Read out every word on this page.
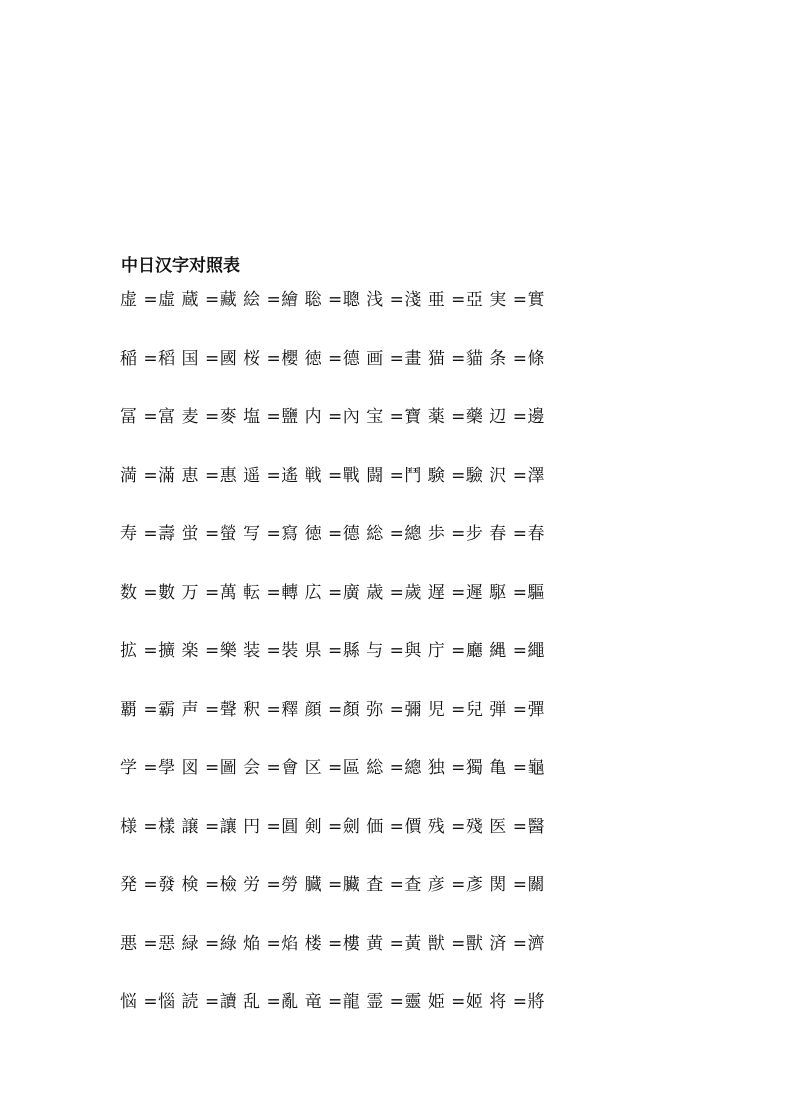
中日汉字对照表
虚 =虛 蔵 =藏 絵 =繪 聡 =聰 浅 =淺 亜 =亞 実 =實
稲 =稻 国 =國 桜 =櫻 徳 =德 画 =畫 猫 =貓 条 =條
冨 =富 麦 =麥 塩 =鹽 内 =內 宝 =寶 薬 =藥 辺 =邊
満 =滿 恵 =惠 遥 =遙 戦 =戰 闘 =鬥 験 =驗 沢 =澤
寿 =壽 蛍 =螢 写 =寫 徳 =德 総 =總 歩 =步 春 =春
数 =數 万 =萬 転 =轉 広 =廣 歳 =歲 遅 =遲 駆 =驅
拡 =擴 楽 =樂 装 =裝 県 =縣 与 =與 庁 =廳 縄 =繩
覇 =霸 声 =聲 釈 =釋 顔 =顏 弥 =彌 児 =兒 弾 =彈
学 =學 図 =圖 会 =會 区 =區 総 =總 独 =獨 亀 =龜
様 =樣 譲 =讓 円 =圓 剣 =劍 価 =價 残 =殘 医 =醫
発 =發 検 =檢 労 =勞 臓 =臟 査 =查 彦 =彥 関 =關
悪 =惡 緑 =綠 焔 =焰 楼 =樓 黄 =黃 獣 =獸 済 =濟
悩 =惱 読 =讀 乱 =亂 竜 =龍 霊 =靈 姫 =姬 将 =將
